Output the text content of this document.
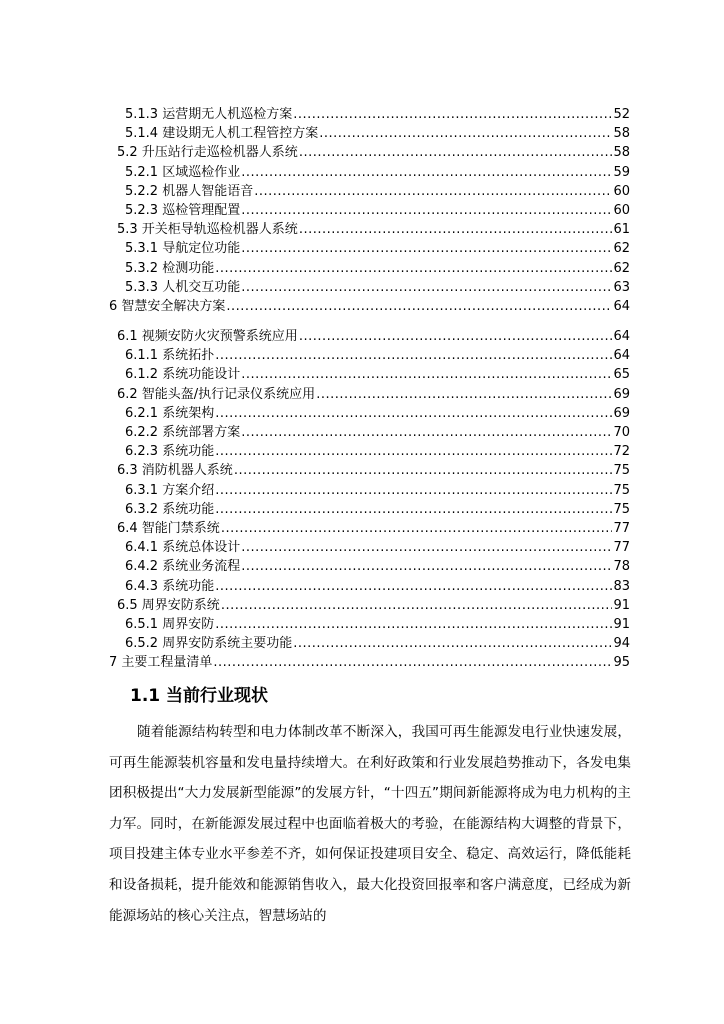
5.1.3 运营期无人机巡检方案 .....	52
5.1.4 建设期无人机工程管控方案 .....	58
5.2 升压站行走巡检机器人系统 .....	58
5.2.1 区域巡检作业 .....	59
5.2.2 机器人智能语音 .....	60
5.2.3 巡检管理配置 .....	60
5.3 开关柜导轨巡检机器人系统 .....	61
5.3.1 导航定位功能 .....	62
5.3.2 检测功能 .....	62
5.3.3 人机交互功能 .....	63
6 智慧安全解决方案 .....	64
6.1 视频安防火灾预警系统应用 .....	64
6.1.1 系统拓扑 .....	64
6.1.2 系统功能设计 .....	65
6.2 智能头盔/执行记录仪系统应用 .....	69
6.2.1 系统架构 .....	69
6.2.2 系统部署方案 .....	70
6.2.3 系统功能 .....	72
6.3 消防机器人系统 .....	75
6.3.1 方案介绍 .....	75
6.3.2 系统功能 .....	75
6.4 智能门禁系统 .....	77
6.4.1 系统总体设计 .....	77
6.4.2 系统业务流程 .....	78
6.4.3 系统功能 .....	83
6.5 周界安防系统 .....	91
6.5.1 周界安防 .....	91
6.5.2 周界安防系统主要功能 .....	94
7 主要工程量清单 .....	95
1.1 当前行业现状

随着能源结构转型和电力体制改革不断深入，我国可再生能源发电行业快速发展，可再生能源装机容量和发电量持续增大。在利好政策和行业发展趋势推动下，各发电集团积极提出“大力发展新型能源”的发展方针，“十四五”期间新能源将成为电力机构的主力军。同时，在新能源发展过程中也面临着极大的考验，在能源结构大调整的背景下，项目投建主体专业水平参差不齐，如何保证投建项目安全、稳定、高效运行，降低能耗和设备损耗，提升能效和能源销售收入，最大化投资回报率和客户满意度，已经成为新能源场站的核心关注点，智慧场站的
